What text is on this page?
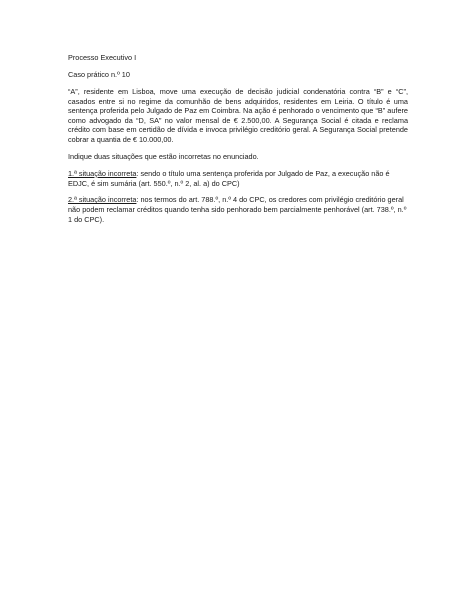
Processo Executivo I

Caso prático n.º 10

“A”, residente em Lisboa, move uma execução de decisão judicial condenatória contra “B” e “C”, casados entre si no regime da comunhão de bens adquiridos, residentes em Leiria. O título é uma sentença proferida pelo Julgado de Paz em Coimbra. Na ação é penhorado o vencimento que “B” aufere como advogado da “D, SA” no valor mensal de € 2.500,00. A Segurança Social é citada e reclama crédito com base em certidão de dívida e invoca privilégio creditório geral. A Segurança Social pretende cobrar a quantia de € 10.000,00.

Indique duas situações que estão incorretas no enunciado.

1.ª situação incorreta: sendo o título uma sentença proferida por Julgado de Paz, a execução não é EDJC, é sim sumária (art. 550.º, n.º 2, al. a) do CPC)

2.ª situação incorreta: nos termos do art. 788.º, n.º 4 do CPC, os credores com privilégio creditório geral não podem reclamar créditos quando tenha sido penhorado bem parcialmente penhorável (art. 738.º, n.º 1 do CPC).
